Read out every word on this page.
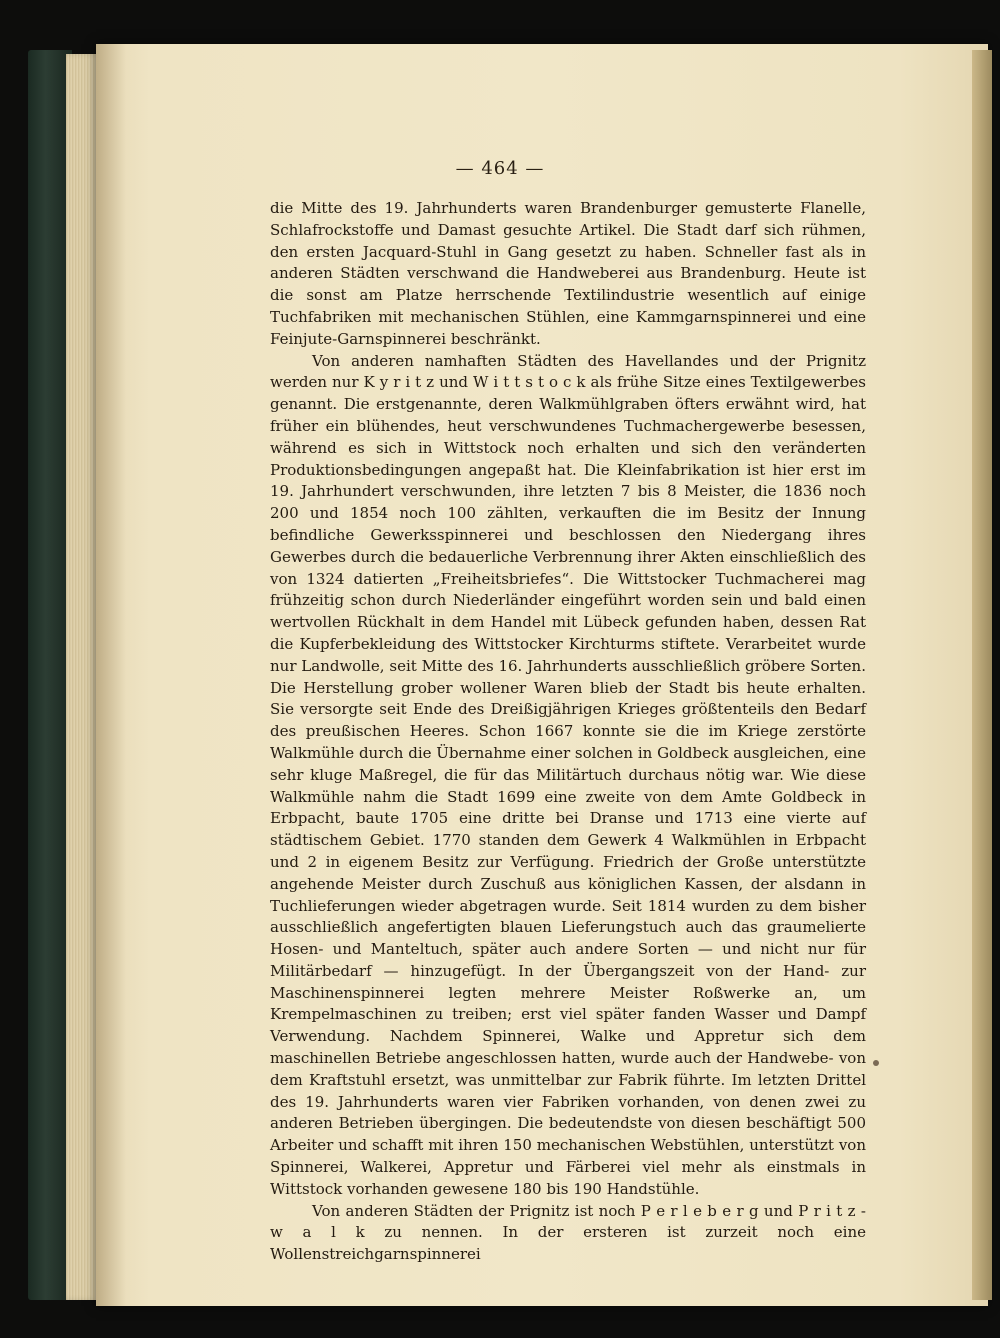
— 464 —

die Mitte des 19. Jahrhunderts waren Brandenburger gemusterte Flanelle, Schlafrockstoffe und Damast gesuchte Artikel. Die Stadt darf sich rühmen, den ersten Jacquard-Stuhl in Gang gesetzt zu haben. Schneller fast als in anderen Städten verschwand die Handweberei aus Brandenburg. Heute ist die sonst am Platze herrschende Textilindustrie wesentlich auf einige Tuchfabriken mit mechanischen Stühlen, eine Kammgarnspinnerei und eine Feinjute-Garnspinnerei beschränkt.

Von anderen namhaften Städten des Havellandes und der Prignitz werden nur K y r i t z und W i t t s t o c k als frühe Sitze eines Textilgewerbes genannt. Die erstgenannte, deren Walkmühlgraben öfters erwähnt wird, hat früher ein blühendes, heut verschwundenes Tuchmachergewerbe besessen, während es sich in Wittstock noch erhalten und sich den veränderten Produktionsbedingungen angepaßt hat. Die Kleinfabrikation ist hier erst im 19. Jahrhundert verschwunden, ihre letzten 7 bis 8 Meister, die 1836 noch 200 und 1854 noch 100 zählten, verkauften die im Besitz der Innung befindliche Gewerksspinnerei und beschlossen den Niedergang ihres Gewerbes durch die bedauerliche Verbrennung ihrer Akten einschließlich des von 1324 datierten „Freiheitsbriefes“. Die Wittstocker Tuchmacherei mag frühzeitig schon durch Niederländer eingeführt worden sein und bald einen wertvollen Rückhalt in dem Handel mit Lübeck gefunden haben, dessen Rat die Kupferbekleidung des Wittstocker Kirchturms stiftete. Verarbeitet wurde nur Landwolle, seit Mitte des 16. Jahrhunderts ausschließlich gröbere Sorten. Die Herstellung grober wollener Waren blieb der Stadt bis heute erhalten. Sie versorgte seit Ende des Dreißigjährigen Krieges größtenteils den Bedarf des preußischen Heeres. Schon 1667 konnte sie die im Kriege zerstörte Walkmühle durch die Übernahme einer solchen in Goldbeck ausgleichen, eine sehr kluge Maßregel, die für das Militärtuch durchaus nötig war. Wie diese Walkmühle nahm die Stadt 1699 eine zweite von dem Amte Goldbeck in Erbpacht, baute 1705 eine dritte bei Dranse und 1713 eine vierte auf städtischem Gebiet. 1770 standen dem Gewerk 4 Walkmühlen in Erbpacht und 2 in eigenem Besitz zur Verfügung. Friedrich der Große unterstützte angehende Meister durch Zuschuß aus königlichen Kassen, der alsdann in Tuchlieferungen wieder abgetragen wurde. Seit 1814 wurden zu dem bisher ausschließlich angefertigten blauen Lieferungstuch auch das graumelierte Hosen- und Manteltuch, später auch andere Sorten — und nicht nur für Militärbedarf — hinzugefügt. In der Übergangszeit von der Hand- zur Maschinenspinnerei legten mehrere Meister Roßwerke an, um Krempelmaschinen zu treiben; erst viel später fanden Wasser und Dampf Verwendung. Nachdem Spinnerei, Walke und Appretur sich dem maschinellen Betriebe angeschlossen hatten, wurde auch der Handwebe- von dem Kraftstuhl ersetzt, was unmittelbar zur Fabrik führte. Im letzten Drittel des 19. Jahrhunderts waren vier Fabriken vorhanden, von denen zwei zu anderen Betrieben übergingen. Die bedeutendste von diesen beschäftigt 500 Arbeiter und schafft mit ihren 150 mechanischen Webstühlen, unterstützt von Spinnerei, Walkerei, Appretur und Färberei viel mehr als einstmals in Wittstock vorhanden gewesene 180 bis 190 Handstühle.

Von anderen Städten der Prignitz ist noch P e r l e b e r g und P r i t z - w a l k zu nennen. In der ersteren ist zurzeit noch eine Wollenstreichgarnspinnerei
